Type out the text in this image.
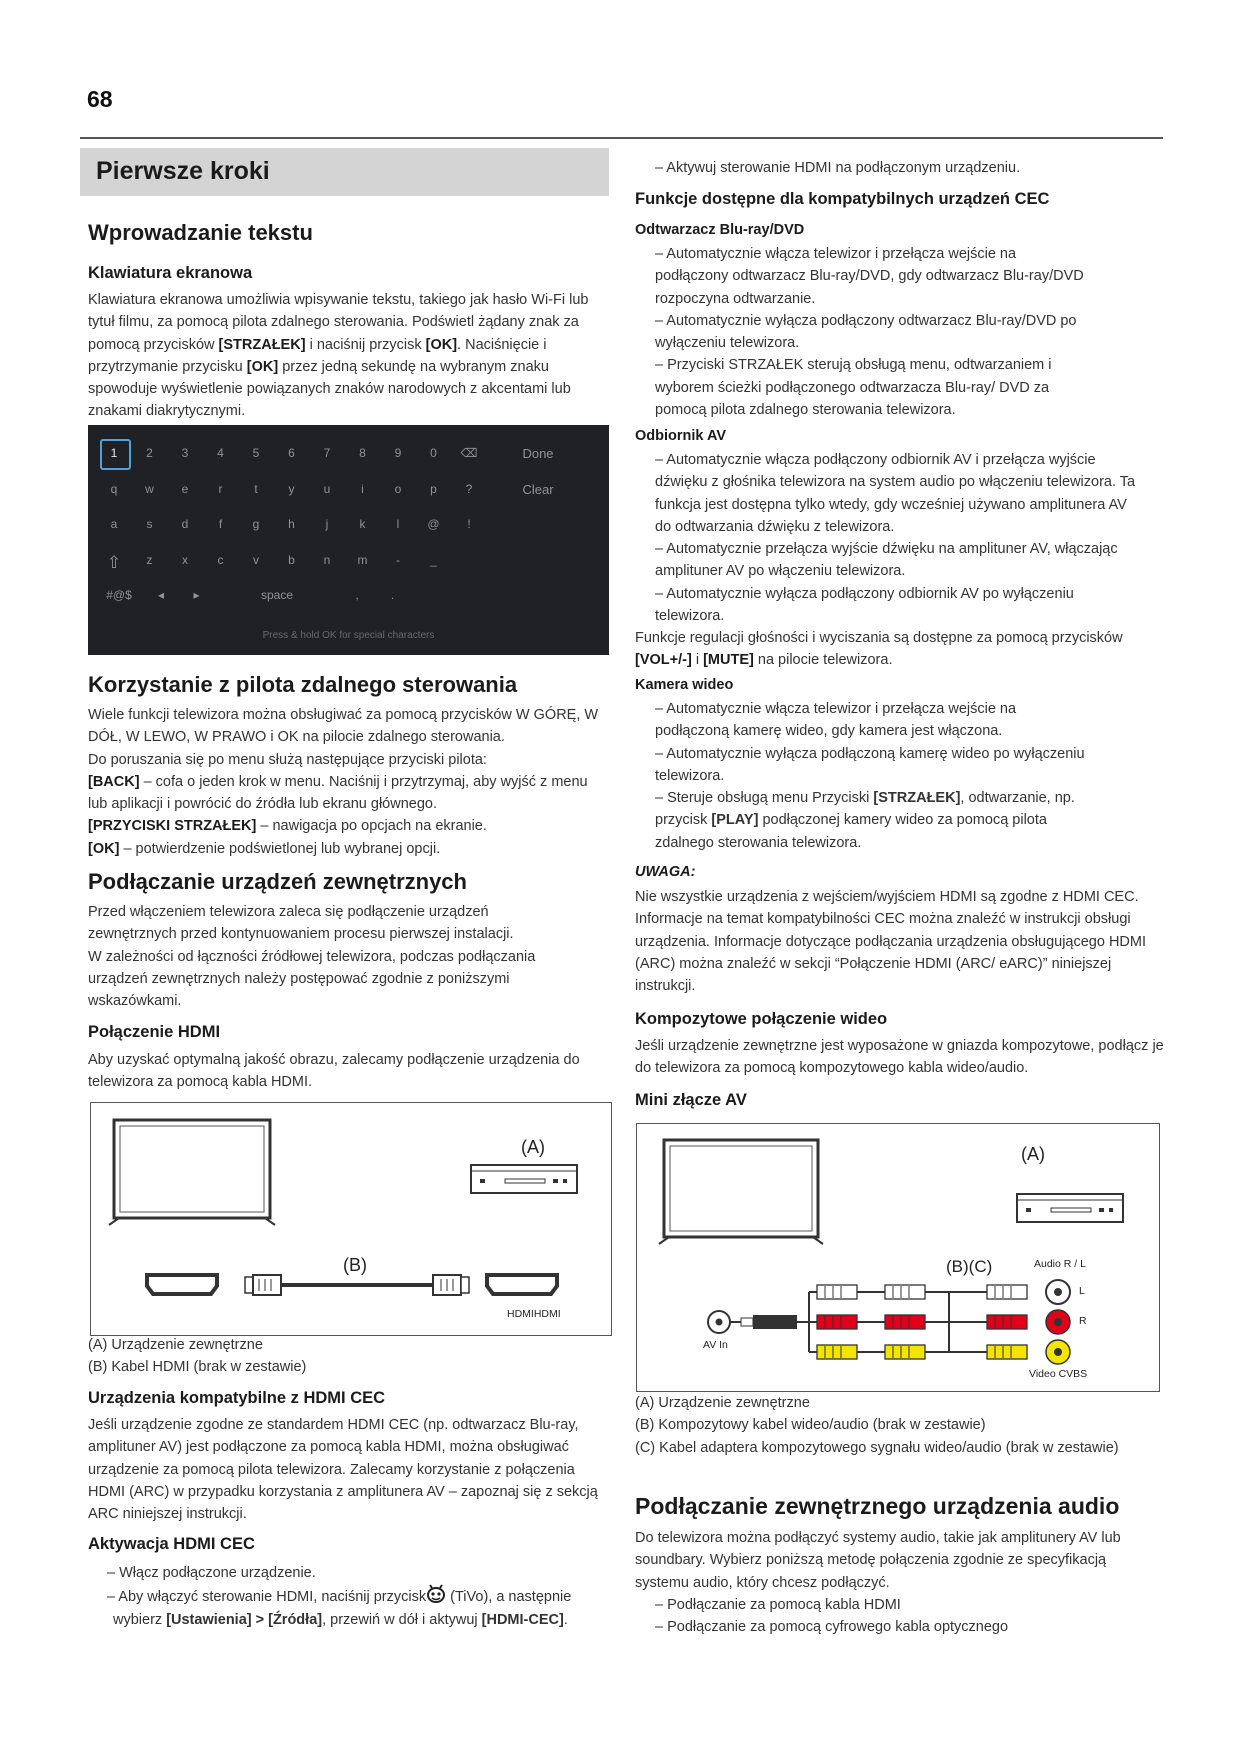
68
Pierwsze kroki
Wprowadzanie tekstu
Klawiatura ekranowa
Klawiatura ekranowa umożliwia wpisywanie tekstu, takiego jak hasło Wi-Fi lub tytuł filmu, za pomocą pilota zdalnego sterowania. Podświetl żądany znak za pomocą przycisków [STRZAŁEK] i naciśnij przycisk [OK]. Naciśnięcie i przytrzymanie przycisku [OK] przez jedną sekundę na wybranym znaku spowoduje wyświetlenie powiązanych znaków narodowych z akcentami lub znakami diakrytycznymi.
1	2	3	4	5	6	7	8	9	0	⌫
q	w	e	r	t	y	u	i	o	p	?
a	s	d	f	g	h	j	k	l	@	!
⇧	z	x	c	v	b	n	m	-	_
#@$	◂	▸	space	,	.
Done
Clear
Press & hold OK for special characters
Korzystanie z pilota zdalnego sterowania
Wiele funkcji telewizora można obsługiwać za pomocą przycisków W GÓRĘ, W DÓŁ, W LEWO, W PRAWO i OK na pilocie zdalnego sterowania.
Do poruszania się po menu służą następujące przyciski pilota:
[BACK] – cofa o jeden krok w menu. Naciśnij i przytrzymaj, aby wyjść z menu lub aplikacji i powrócić do źródła lub ekranu głównego.
[PRZYCISKI STRZAŁEK] – nawigacja po opcjach na ekranie.
[OK] – potwierdzenie podświetlonej lub wybranej opcji.
Podłączanie urządzeń zewnętrznych
Przed włączeniem telewizora zaleca się podłączenie urządzeń zewnętrznych przed kontynuowaniem procesu pierwszej instalacji.
W zależności od łączności źródłowej telewizora, podczas podłączania urządzeń zewnętrznych należy postępować zgodnie z poniższymi wskazówkami.
Połączenie HDMI
Aby uzyskać optymalną jakość obrazu, zalecamy podłączenie urządzenia do telewizora za pomocą kabla HDMI.
(A)
(B)
HDMIHDMI
(A) Urządzenie zewnętrzne
(B) Kabel HDMI (brak w zestawie)
Urządzenia kompatybilne z HDMI CEC
Jeśli urządzenie zgodne ze standardem HDMI CEC (np. odtwarzacz Blu-ray, amplituner AV) jest podłączone za pomocą kabla HDMI, można obsługiwać urządzenie za pomocą pilota telewizora. Zalecamy korzystanie z połączenia HDMI (ARC) w przypadku korzystania z amplitunera AV – zapoznaj się z sekcją ARC niniejszej instrukcji.
Aktywacja HDMI CEC
– Włącz podłączone urządzenie.
– Aby włączyć sterowanie HDMI, naciśnij przycisk (TiVo), a następnie
wybierz [Ustawienia] > [Źródła], przewiń w dół i aktywuj [HDMI-CEC].
– Aktywuj sterowanie HDMI na podłączonym urządzeniu.
Funkcje dostępne dla kompatybilnych urządzeń CEC
Odtwarzacz Blu-ray/DVD
– Automatycznie włącza telewizor i przełącza wejście na podłączony odtwarzacz Blu-ray/DVD, gdy odtwarzacz Blu-ray/DVD rozpoczyna odtwarzanie.
– Automatycznie wyłącza podłączony odtwarzacz Blu-ray/DVD po wyłączeniu telewizora.
– Przyciski STRZAŁEK sterują obsługą menu, odtwarzaniem i wyborem ścieżki podłączonego odtwarzacza Blu-ray/ DVD za pomocą pilota zdalnego sterowania telewizora.
Odbiornik AV
– Automatycznie włącza podłączony odbiornik AV i przełącza wyjście dźwięku z głośnika telewizora na system audio po włączeniu telewizora. Ta funkcja jest dostępna tylko wtedy, gdy wcześniej używano amplitunera AV do odtwarzania dźwięku z telewizora.
– Automatycznie przełącza wyjście dźwięku na amplituner AV, włączając amplituner AV po włączeniu telewizora.
– Automatycznie wyłącza podłączony odbiornik AV po wyłączeniu telewizora.
Funkcje regulacji głośności i wyciszania są dostępne za pomocą przycisków [VOL+/-] i [MUTE] na pilocie telewizora.
Kamera wideo
– Automatycznie włącza telewizor i przełącza wejście na podłączoną kamerę wideo, gdy kamera jest włączona.
– Automatycznie wyłącza podłączoną kamerę wideo po wyłączeniu telewizora.
– Steruje obsługą menu Przyciski [STRZAŁEK], odtwarzanie, np. przycisk [PLAY] podłączonej kamery wideo za pomocą pilota zdalnego sterowania telewizora.
UWAGA:
Nie wszystkie urządzenia z wejściem/wyjściem HDMI są zgodne z HDMI CEC. Informacje na temat kompatybilności CEC można znaleźć w instrukcji obsługi urządzenia. Informacje dotyczące podłączania urządzenia obsługującego HDMI (ARC) można znaleźć w sekcji “Połączenie HDMI (ARC/ eARC)” niniejszej instrukcji.
Kompozytowe połączenie wideo
Jeśli urządzenie zewnętrzne jest wyposażone w gniazda kompozytowe, podłącz je do telewizora za pomocą kompozytowego kabla wideo/audio.
Mini złącze AV
(A)
(B)(C)	Audio R / L
L
R
AV In
Video CVBS
(A) Urządzenie zewnętrzne
(B) Kompozytowy kabel wideo/audio (brak w zestawie)
(C) Kabel adaptera kompozytowego sygnału wideo/audio (brak w zestawie)
Podłączanie zewnętrznego urządzenia audio
Do telewizora można podłączyć systemy audio, takie jak amplitunery AV lub soundbary. Wybierz poniższą metodę połączenia zgodnie ze specyfikacją systemu audio, który chcesz podłączyć.
– Podłączanie za pomocą kabla HDMI
– Podłączanie za pomocą cyfrowego kabla optycznego
